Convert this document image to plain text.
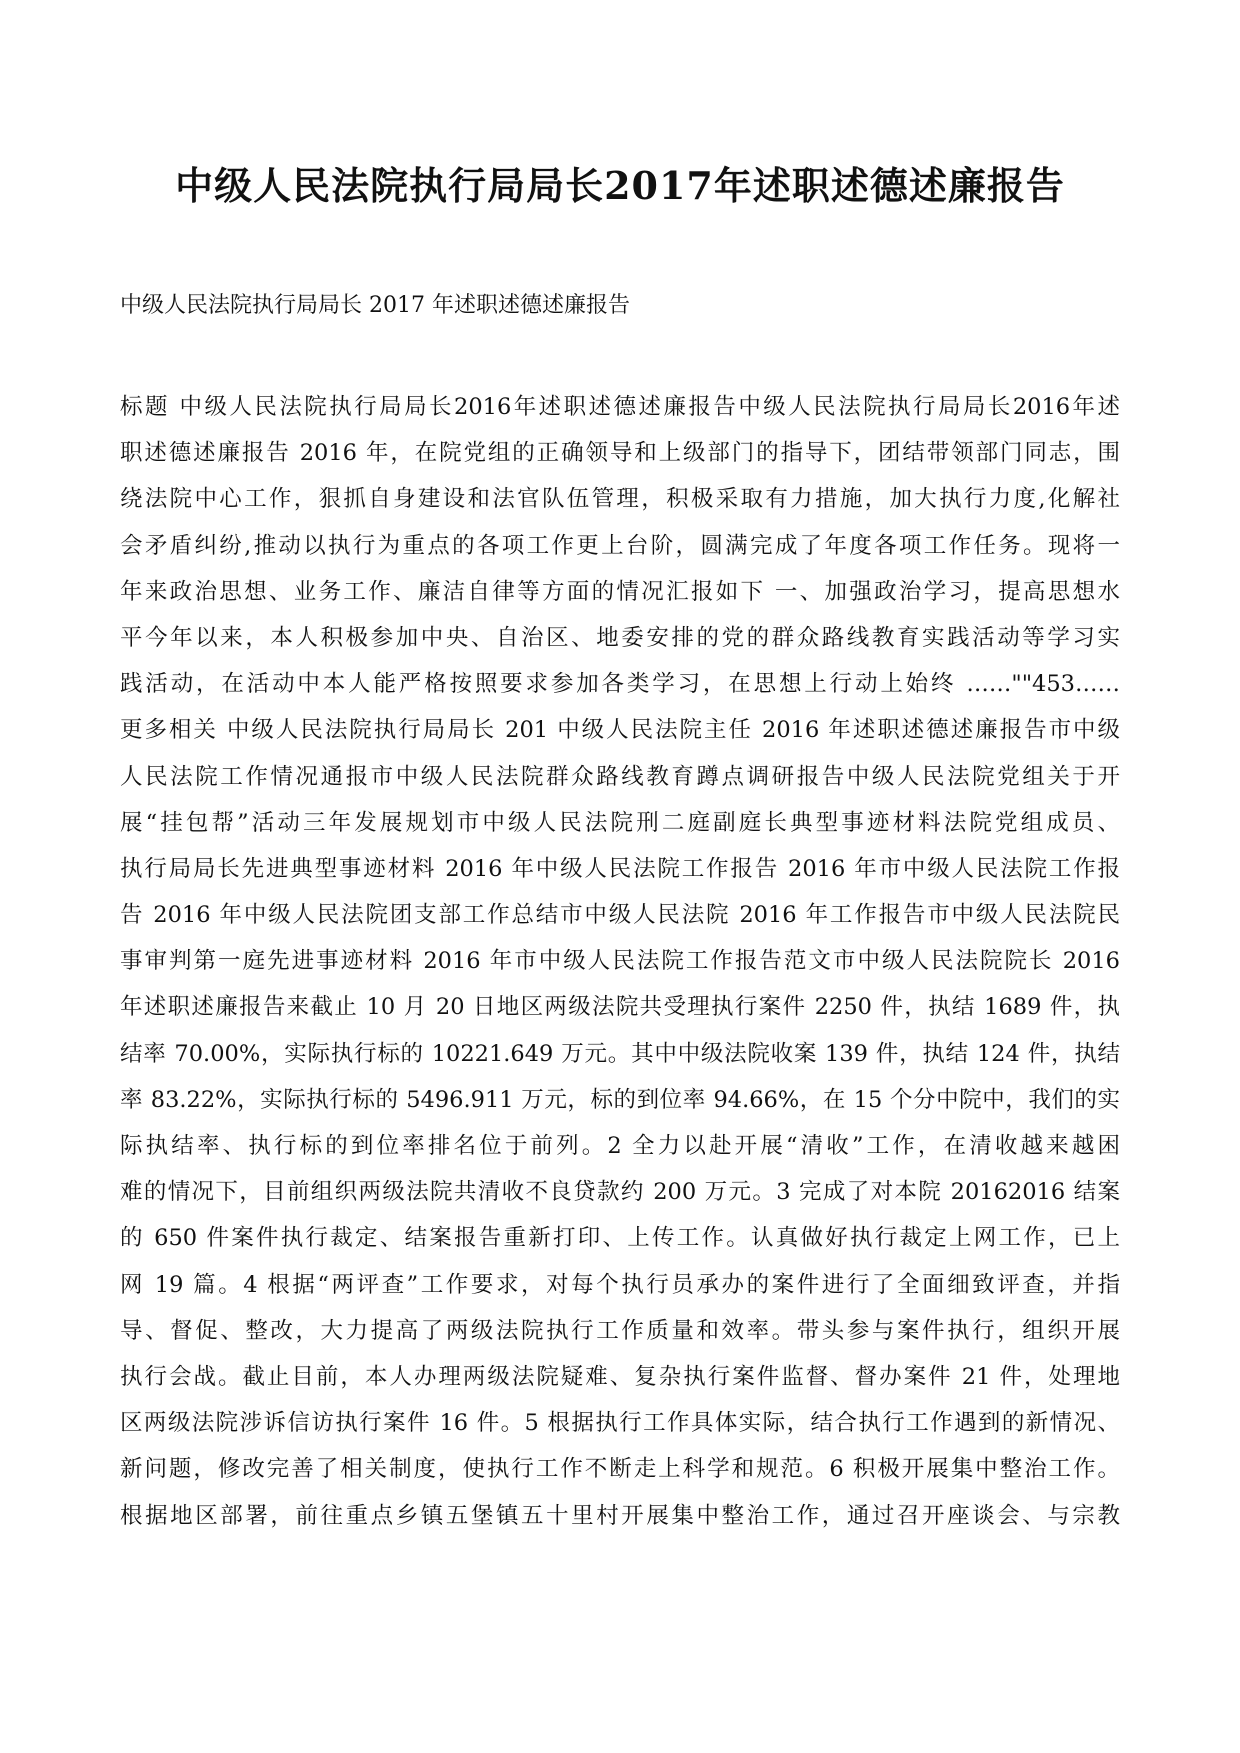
中级人民法院执行局局长2017年述职述德述廉报告

中级人民法院执行局局长 2017 年述职述德述廉报告

标题 中级人民法院执行局局长2016年述职述德述廉报告中级人民法院执行局局长2016年述
职述德述廉报告 2016 年，在院党组的正确领导和上级部门的指导下，团结带领部门同志，围
绕法院中心工作，狠抓自身建设和法官队伍管理，积极采取有力措施，加大执行力度,化解社
会矛盾纠纷,推动以执行为重点的各项工作更上台阶，圆满完成了年度各项工作任务。现将一
年来政治思想、业务工作、廉洁自律等方面的情况汇报如下 一、加强政治学习，提高思想水
平今年以来，本人积极参加中央、自治区、地委安排的党的群众路线教育实践活动等学习实
践活动，在活动中本人能严格按照要求参加各类学习，在思想上行动上始终 ……""453……
更多相关 中级人民法院执行局局长 201 中级人民法院主任 2016 年述职述德述廉报告市中级
人民法院工作情况通报市中级人民法院群众路线教育蹲点调研报告中级人民法院党组关于开
展“挂包帮”活动三年发展规划市中级人民法院刑二庭副庭长典型事迹材料法院党组成员、
执行局局长先进典型事迹材料 2016 年中级人民法院工作报告 2016 年市中级人民法院工作报
告 2016 年中级人民法院团支部工作总结市中级人民法院 2016 年工作报告市中级人民法院民
事审判第一庭先进事迹材料 2016 年市中级人民法院工作报告范文市中级人民法院院长 2016
年述职述廉报告来截止 10 月 20 日地区两级法院共受理执行案件 2250 件，执结 1689 件，执
结率 70.00%，实际执行标的 10221.649 万元。其中中级法院收案 139 件，执结 124 件，执结
率 83.22%，实际执行标的 5496.911 万元，标的到位率 94.66%，在 15 个分中院中，我们的实
际执结率、执行标的到位率排名位于前列。2 全力以赴开展“清收”工作，在清收越来越困
难的情况下，目前组织两级法院共清收不良贷款约 200 万元。3 完成了对本院 20162016 结案
的 650 件案件执行裁定、结案报告重新打印、上传工作。认真做好执行裁定上网工作，已上
网 19 篇。4 根据“两评查”工作要求，对每个执行员承办的案件进行了全面细致评查，并指
导、督促、整改，大力提高了两级法院执行工作质量和效率。带头参与案件执行，组织开展
执行会战。截止目前，本人办理两级法院疑难、复杂执行案件监督、督办案件 21 件，处理地
区两级法院涉诉信访执行案件 16 件。5 根据执行工作具体实际，结合执行工作遇到的新情况、
新问题，修改完善了相关制度，使执行工作不断走上科学和规范。6 积极开展集中整治工作。
根据地区部署，前往重点乡镇五堡镇五十里村开展集中整治工作，通过召开座谈会、与宗教
